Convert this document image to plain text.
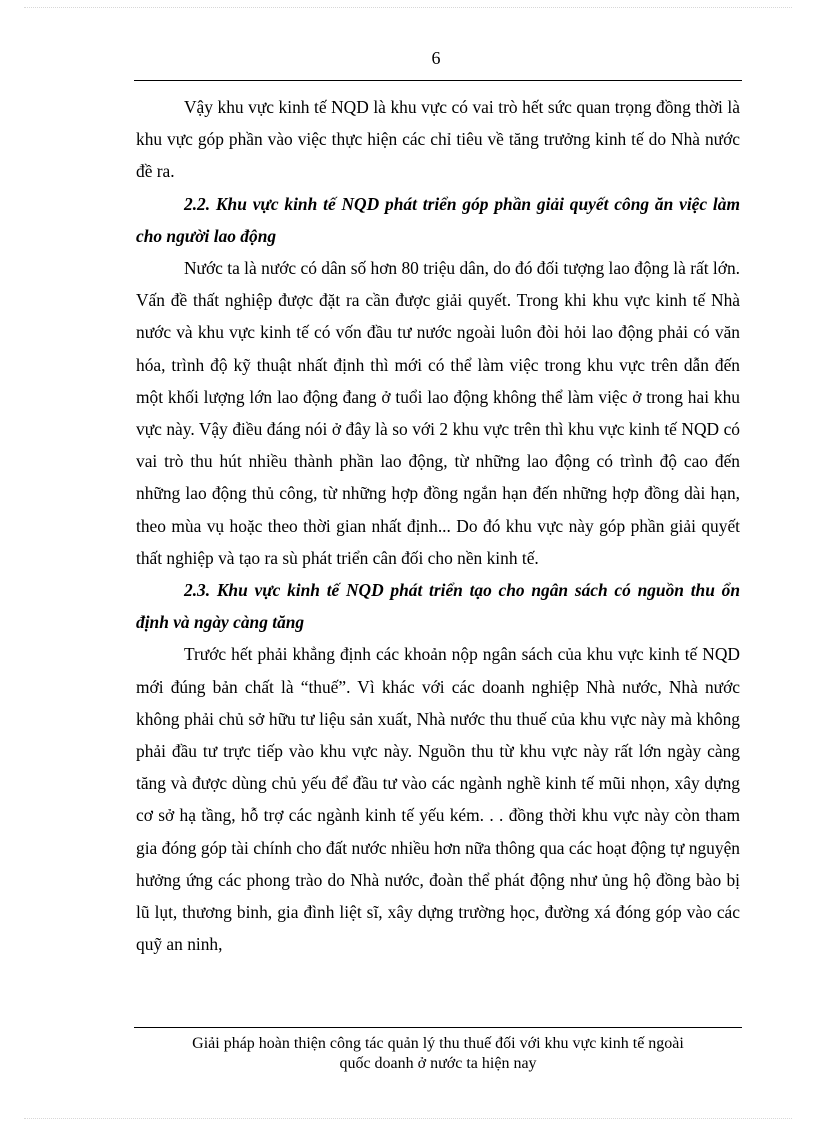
6

Vậy khu vực kinh tế NQD là khu vực có vai trò hết sức quan trọng đồng thời là khu vực góp phần vào việc thực hiện các chỉ tiêu về tăng trưởng kinh tế do Nhà nước đề ra.

2.2. Khu vực kinh tế NQD phát triển góp phần giải quyết công ăn việc làm cho người lao động

Nước ta là nước có dân số hơn 80 triệu dân, do đó đối tượng lao động là rất lớn. Vấn đề thất nghiệp được đặt ra cần được giải quyết. Trong khi khu vực kinh tế Nhà nước và khu vực kinh tế có vốn đầu tư nước ngoài luôn đòi hỏi lao động phải có văn hóa, trình độ kỹ thuật nhất định thì mới có thể làm việc trong khu vực trên dẫn đến một khối lượng lớn lao động đang ở tuổi lao động không thể làm việc ở trong hai khu vực này. Vậy điều đáng nói ở đây là so với 2 khu vực trên thì khu vực kinh tế NQD có vai trò thu hút nhiều thành phần lao động, từ những lao động có trình độ cao đến những lao động thủ công, từ những hợp đồng ngắn hạn đến những hợp đồng dài hạn, theo mùa vụ hoặc theo thời gian nhất định... Do đó khu vực này góp phần giải quyết thất nghiệp và tạo ra sù phát triển cân đối cho nền kinh tế.

2.3. Khu vực kinh tế NQD phát triển tạo cho ngân sách có nguồn thu ổn định và ngày càng tăng

Trước hết phải khẳng định các khoản nộp ngân sách của khu vực kinh tế NQD mới đúng bản chất là “thuế”. Vì khác với các doanh nghiệp Nhà nước, Nhà nước không phải chủ sở hữu tư liệu sản xuất, Nhà nước thu thuế của khu vực này mà không phải đầu tư trực tiếp vào khu vực này. Nguồn thu từ khu vực này rất lớn ngày càng tăng và được dùng chủ yếu để đầu tư vào các ngành nghề kinh tế mũi nhọn, xây dựng cơ sở hạ tầng, hỗ trợ các ngành kinh tế yếu kém. . . đồng thời khu vực này còn tham gia đóng góp tài chính cho đất nước nhiều hơn nữa thông qua các hoạt động tự nguyện hưởng ứng các phong trào do Nhà nước, đoàn thể phát động như ủng hộ đồng bào bị lũ lụt, thương binh, gia đình liệt sĩ, xây dựng trường học, đường xá đóng góp vào các quỹ an ninh,

Giải pháp hoàn thiện công tác quản lý thu thuế đối với khu vực kinh tế ngoài
quốc doanh ở nước ta hiện nay
